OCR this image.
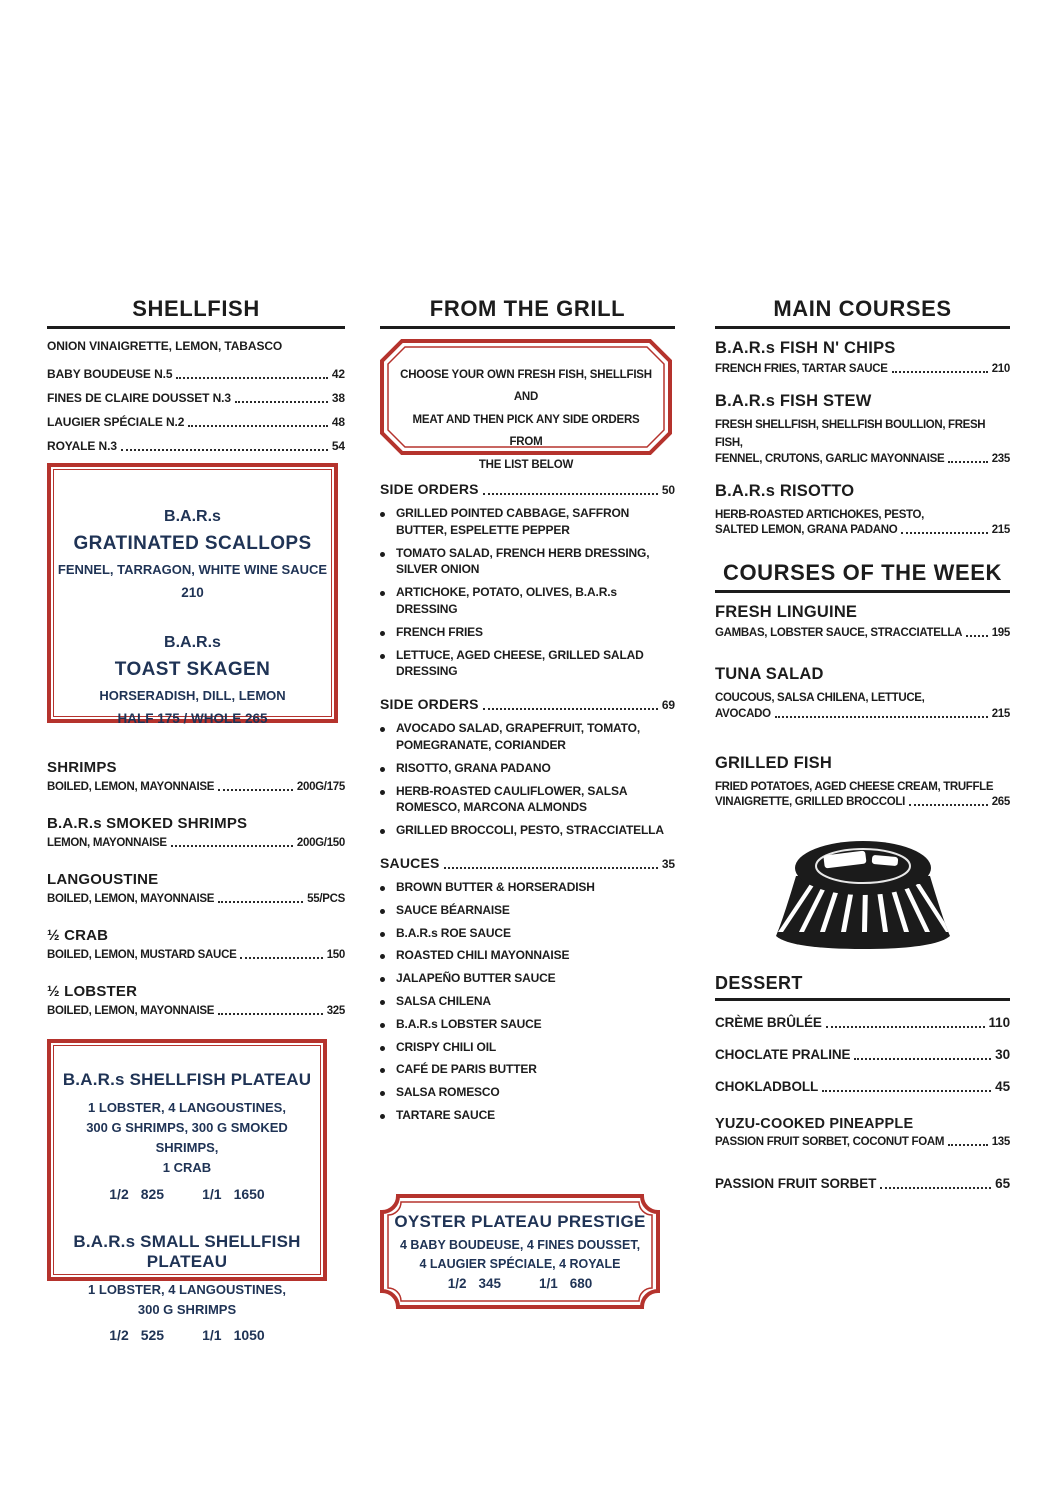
SHELLFISH
ONION VINAIGRETTE, LEMON, TABASCO
BABY BOUDEUSE N.5	42
FINES DE CLAIRE DOUSSET N.3	38
LAUGIER SPÉCIALE N.2	48
ROYALE N.3	54
B.A.R.s
GRATINATED SCALLOPS
FENNEL, TARRAGON, WHITE WINE SAUCE
210
B.A.R.s
TOAST SKAGEN
HORSERADISH, DILL, LEMON
HALF 175 / WHOLE 265
SHRIMPS
BOILED, LEMON, MAYONNAISE	200G/175
B.A.R.s SMOKED SHRIMPS
LEMON, MAYONNAISE	200G/150
LANGOUSTINE
BOILED, LEMON, MAYONNAISE	55/PCS
½ CRAB
BOILED, LEMON, MUSTARD SAUCE	150
½ LOBSTER
BOILED, LEMON, MAYONNAISE	325
B.A.R.s SHELLFISH PLATEAU
1 LOBSTER, 4 LANGOUSTINES,
300 G SHRIMPS, 300 G SMOKED SHRIMPS,
1 CRAB
1/2 825	1/1 1650
B.A.R.s SMALL SHELLFISH PLATEAU
1 LOBSTER, 4 LANGOUSTINES,
300 G SHRIMPS
1/2 525	1/1 1050
FROM THE GRILL
CHOOSE YOUR OWN FRESH FISH, SHELLFISH AND
MEAT AND THEN PICK ANY SIDE ORDERS FROM
THE LIST BELOW
SIDE ORDERS	50
GRILLED POINTED CABBAGE, SAFFRON BUTTER, ESPELETTE PEPPER
TOMATO SALAD, FRENCH HERB DRESSING, SILVER ONION
ARTICHOKE, POTATO, OLIVES, B.A.R.s DRESSING
FRENCH FRIES
LETTUCE, AGED CHEESE, GRILLED SALAD DRESSING
SIDE ORDERS	69
AVOCADO SALAD, GRAPEFRUIT, TOMATO, POMEGRANATE, CORIANDER
RISOTTO, GRANA PADANO
HERB-ROASTED CAULIFLOWER, SALSA ROMESCO, MARCONA ALMONDS
GRILLED BROCCOLI, PESTO, STRACCIATELLA
SAUCES	35
BROWN BUTTER & HORSERADISH
SAUCE BÉARNAISE
B.A.R.s ROE SAUCE
ROASTED CHILI MAYONNAISE
JALAPEÑO BUTTER SAUCE
SALSA CHILENA
B.A.R.s LOBSTER SAUCE
CRISPY CHILI OIL
CAFÉ DE PARIS BUTTER
SALSA ROMESCO
TARTARE SAUCE
OYSTER PLATEAU PRESTIGE
4 BABY BOUDEUSE, 4 FINES DOUSSET,
4 LAUGIER SPÉCIALE, 4 ROYALE
1/2 345	1/1 680
MAIN COURSES
B.A.R.s FISH N' CHIPS
FRENCH FRIES, TARTAR SAUCE	210
B.A.R.s FISH STEW
FRESH SHELLFISH, SHELLFISH BOULLION, FRESH FISH,
FENNEL, CRUTONS, GARLIC MAYONNAISE	235
B.A.R.s RISOTTO
HERB-ROASTED ARTICHOKES, PESTO,
SALTED LEMON, GRANA PADANO	215
COURSES OF THE WEEK
FRESH LINGUINE
GAMBAS, LOBSTER SAUCE, STRACCIATELLA	195
TUNA SALAD
COUCOUS, SALSA CHILENA, LETTUCE,
AVOCADO	215
GRILLED FISH
FRIED POTATOES, AGED CHEESE CREAM, TRUFFLE
VINAIGRETTE, GRILLED BROCCOLI	265
DESSERT
CRÈME BRÛLÉE	110
CHOCLATE PRALINE	30
CHOKLADBOLL	45
YUZU-COOKED PINEAPPLE
PASSION FRUIT SORBET, COCONUT FOAM	135
PASSION FRUIT SORBET	65
